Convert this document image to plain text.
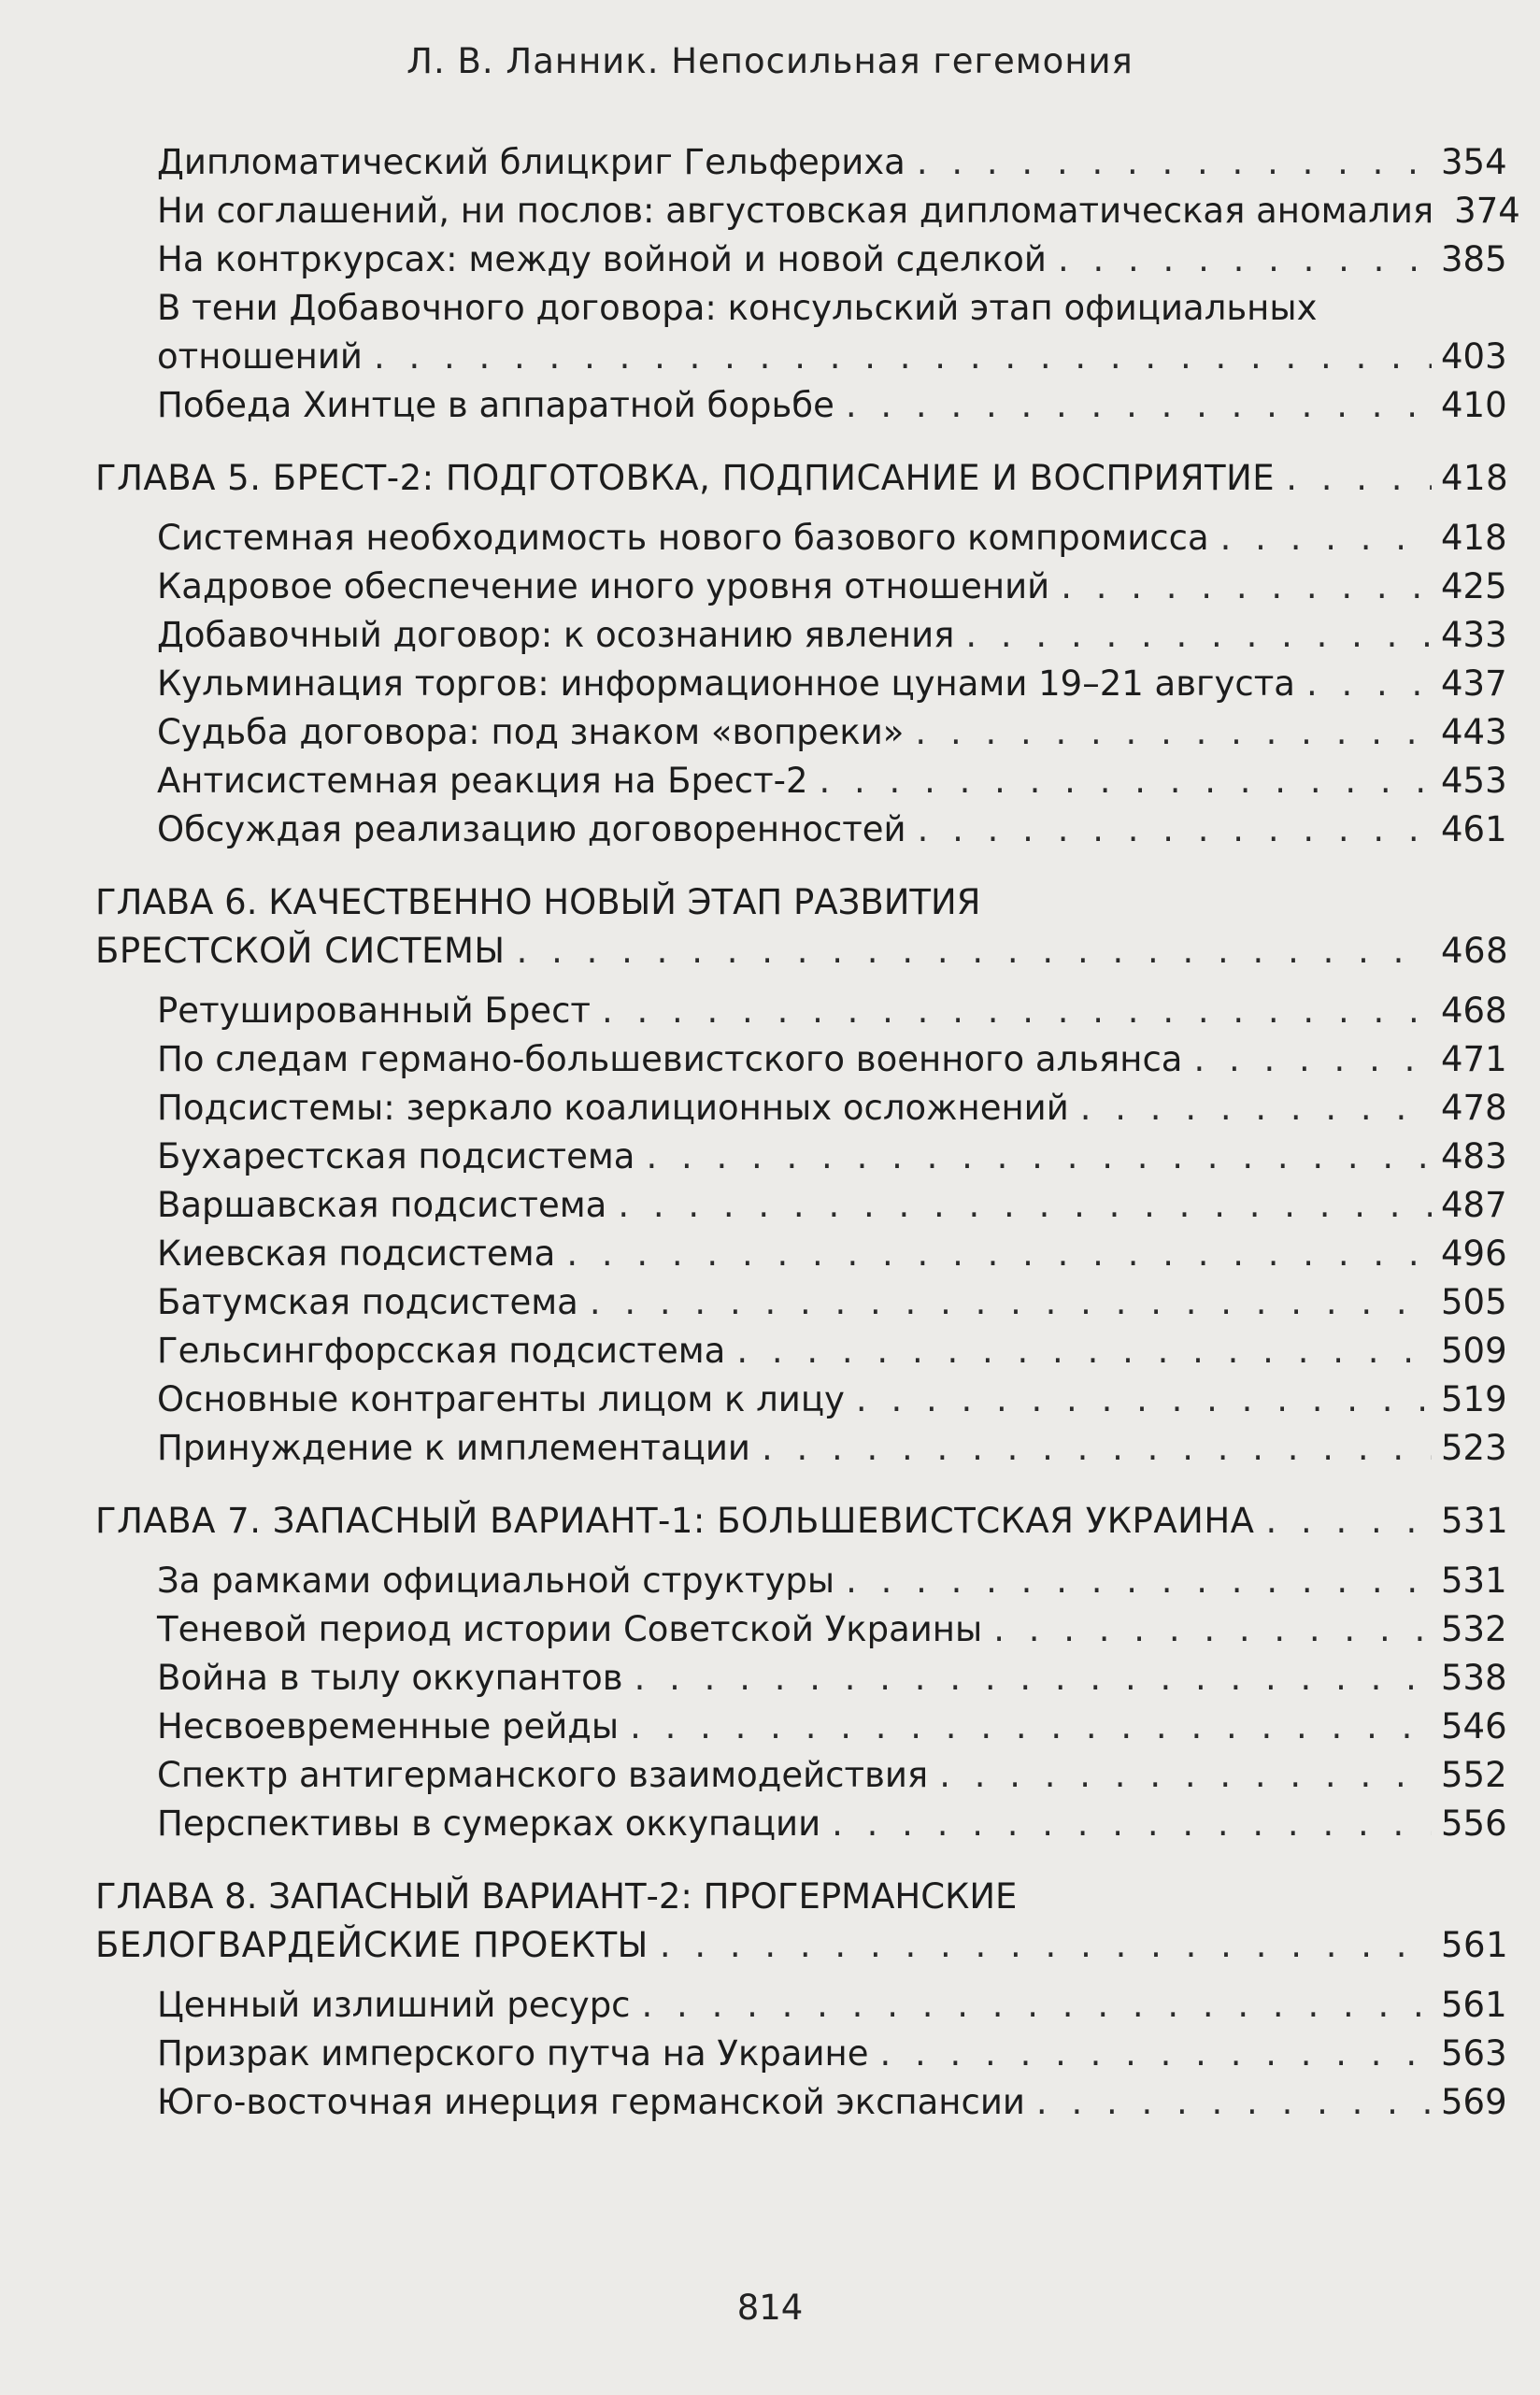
Л. В. Ланник. Непосильная гегемония
Дипломатический блицкриг Гельфериха . . .	354
Ни соглашений, ни послов: августовская дипломатическая аномалия 374
На контркурсах: между войной и новой сделкой . . .	385
В тени Добавочного договора: консульский этап официальных
отношений . . .	403
Победа Хинтце в аппаратной борьбе . . .	410
ГЛАВА 5. БРЕСТ-2: ПОДГОТОВКА, ПОДПИСАНИЕ И ВОСПРИЯТИЕ . . .	418
Системная необходимость нового базового компромисса . . .	418
Кадровое обеспечение иного уровня отношений . . .	425
Добавочный договор: к осознанию явления . . .	433
Кульминация торгов: информационное цунами 19–21 августа . . .	437
Судьба договора: под знаком «вопреки» . . .	443
Антисистемная реакция на Брест-2 . . .	453
Обсуждая реализацию договоренностей . . .	461
ГЛАВА 6. КАЧЕСТВЕННО НОВЫЙ ЭТАП РАЗВИТИЯ
БРЕСТСКОЙ СИСТЕМЫ . . .	468
Ретушированный Брест . . .	468
По следам германо-большевистского военного альянса . . .	471
Подсистемы: зеркало коалиционных осложнений . . .	478
Бухарестская подсистема . . .	483
Варшавская подсистема . . .	487
Киевская подсистема . . .	496
Батумская подсистема . . .	505
Гельсингфорсская подсистема . . .	509
Основные контрагенты лицом к лицу . . .	519
Принуждение к имплементации . . .	523
ГЛАВА 7. ЗАПАСНЫЙ ВАРИАНТ-1: БОЛЬШЕВИСТСКАЯ УКРАИНА . . .	531
За рамками официальной структуры . . .	531
Теневой период истории Советской Украины . . .	532
Война в тылу оккупантов . . .	538
Несвоевременные рейды . . .	546
Спектр антигерманского взаимодействия . . .	552
Перспективы в сумерках оккупации . . .	556
ГЛАВА 8. ЗАПАСНЫЙ ВАРИАНТ-2: ПРОГЕРМАНСКИЕ
БЕЛОГВАРДЕЙСКИЕ ПРОЕКТЫ . . .	561
Ценный излишний ресурс . . .	561
Призрак имперского путча на Украине . . .	563
Юго-восточная инерция германской экспансии . . .	569
814
